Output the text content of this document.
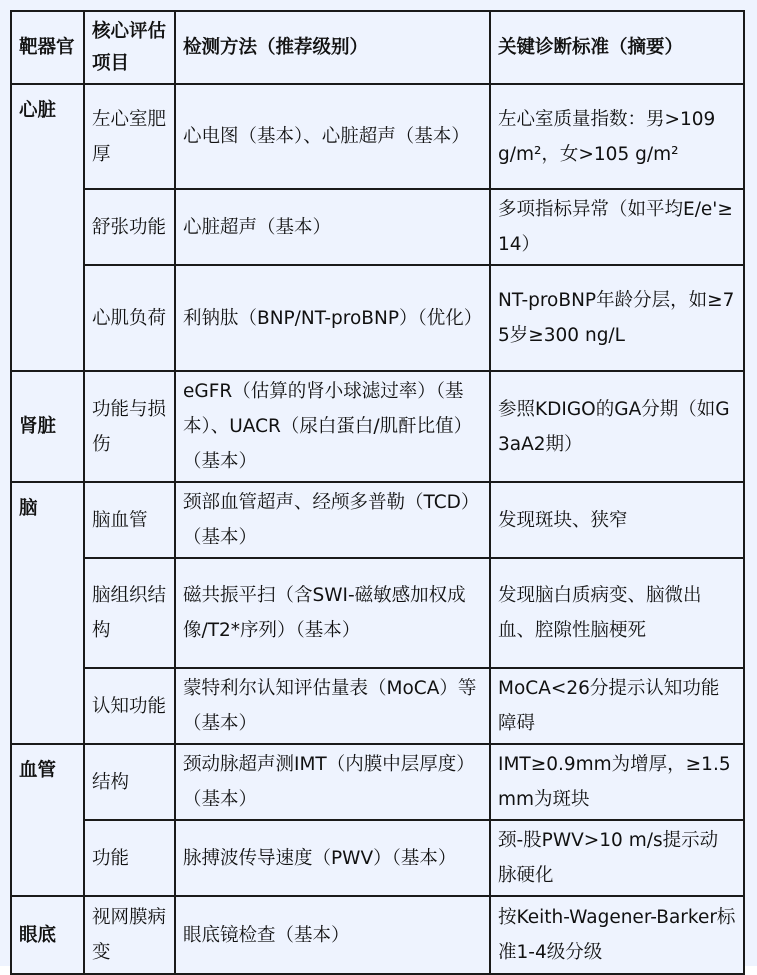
靶器官	核心评估项目	检测方法（推荐级别）	关键诊断标准（摘要）
心脏	左心室肥厚	心电图（基本）、心脏超声（基本）	左心室质量指数：男>109 g/m²，女>105 g/m²
	舒张功能	心脏超声（基本）	多项指标异常（如平均E/e'≥14）
	心肌负荷	利钠肽（BNP/NT-proBNP）（优化）	NT-proBNP年龄分层，如≥75岁≥300 ng/L
肾脏	功能与损伤	eGFR（估算的肾小球滤过率）（基本）、UACR（尿白蛋白/肌酐比值）（基本）	参照KDIGO的GA分期（如G3aA2期）
脑	脑血管	颈部血管超声、经颅多普勒（TCD）（基本）	发现斑块、狭窄
	脑组织结构	磁共振平扫（含SWI-磁敏感加权成像/T2*序列）（基本）	发现脑白质病变、脑微出血、腔隙性脑梗死
	认知功能	蒙特利尔认知评估量表（MoCA）等（基本）	MoCA<26分提示认知功能障碍
血管	结构	颈动脉超声测IMT（内膜中层厚度）（基本）	IMT≥0.9mm为增厚，≥1.5mm为斑块
	功能	脉搏波传导速度（PWV）（基本）	颈-股PWV>10 m/s提示动脉硬化
眼底	视网膜病变	眼底镜检查（基本）	按Keith-Wagener-Barker标准1-4级分级
